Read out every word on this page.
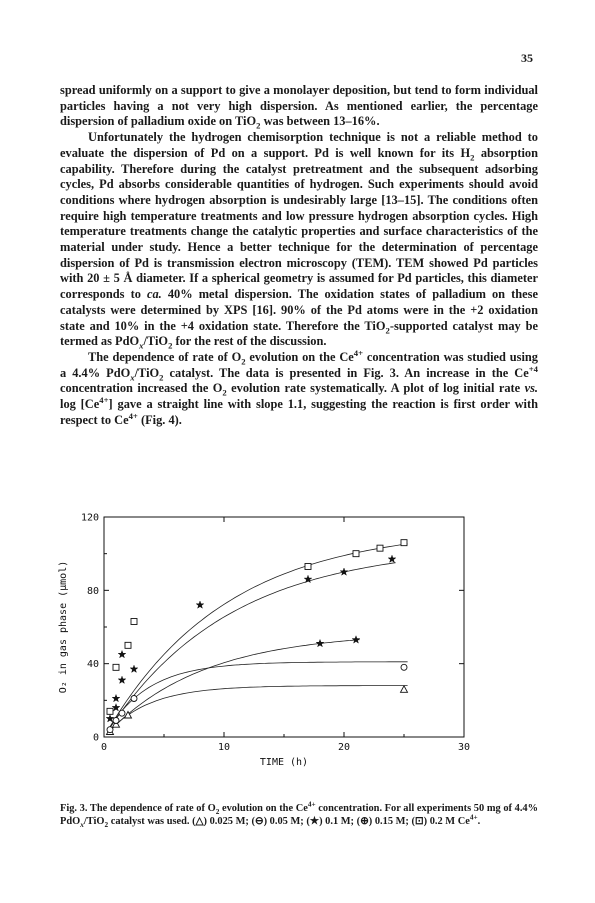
35

spread uniformly on a support to give a monolayer deposition, but tend to form individual particles having a not very high dispersion. As mentioned earlier, the percentage dispersion of palladium oxide on TiO$_2$ was between 13–16%.

Unfortunately the hydrogen chemisorption technique is not a reliable method to evaluate the dispersion of Pd on a support. Pd is well known for its $H_2$ absorption capability. Therefore during the catalyst pretreatment and the subsequent adsorbing cycles, Pd absorbs considerable quantities of hydrogen. Such experiments should avoid conditions where hydrogen absorption is undesirably large [13–15]. The conditions often require high temperature treatments and low pressure hydrogen absorption cycles. High temperature treatments change the catalytic properties and surface characteristics of the material under study. Hence a better technique for the determination of percentage dispersion of Pd is transmission electron microscopy (TEM). TEM showed Pd particles with 20 ± 5 Å diameter. If a spherical geometry is assumed for Pd particles, this diameter corresponds to ca. 40% metal dispersion. The oxidation states of palladium on these catalysts were determined by XPS [16]. 90% of the Pd atoms were in the +2 oxidation state and 10% in the +4 oxidation state. Therefore the TiO$_2$-supported catalyst may be termed as PdO$_x$/TiO$_2$ for the rest of the discussion.

The dependence of rate of $O_2$ evolution on the $Ce^{4+}$ concentration was studied using a 4.4% PdO$_x$/TiO$_2$ catalyst. The data is presented in Fig. 3. An increase in the $Ce^{+4}$ concentration increased the $O_2$ evolution rate systematically. A plot of log initial rate vs. $\log [Ce^{4+}]$ gave a straight line with slope 1.1, suggesting the reaction is first order with respect to $Ce^{4+}$ (Fig. 4).

0	10	20	30
0
40
80
120
TIME (h)
O₂ in gas phase (μmol)
Fig. 3. The dependence of rate of $O_2$ evolution on the $Ce^{4+}$ concentration. For all experiments 50 mg of 4.4% PdO$_x$/TiO$_2$ catalyst was used. (△) 0.025 M; (⊖) 0.05 M; (★) 0.1 M; (⊕) 0.15 M; (⊡) 0.2 M $Ce^{4+}$.
